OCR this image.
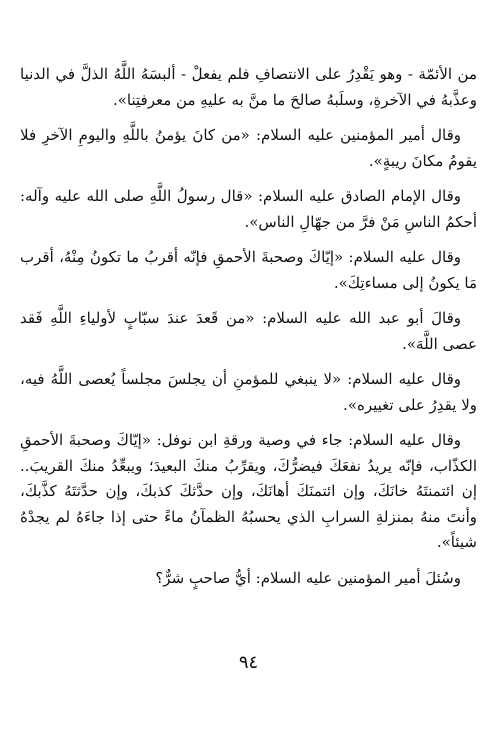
من الأئمّة - وهو يَقْدِرُ على الانتصافِ فلم يفعلْ - ألبسَهُ اللَّهُ الذلَّ في الدنيا وعذَّبهُ في الآخرةِ، وسلَبهُ صالحَ ما منَّ به عليهِ من معرفتِنا».

وقال أمير المؤمنين عليه السلام: «من كانَ يؤمنُ باللَّهِ واليومِ الآخرِ فلا يقومُ مكانَ ريبةٍ».

وقال الإمام الصادق عليه السلام: «قال رسولُ اللَّهِ صلى الله عليه وآله: أحكمُ الناسِ مَنْ فرَّ من جهّالِ الناس».

وقال عليه السلام: «إيّاكَ وصحبةَ الأحمقِ فإنّه أقربُ ما تكونُ مِنْهُ، أقرب مَا يكونُ إلى مساءتِكَ».

وقالَ أبو عبد الله عليه السلام: «من قَعدَ عندَ سبّابٍ لأولياءِ اللَّهِ فَقد عصى اللَّهَ».

وقال عليه السلام: «لا ينبغي للمؤمنِ أن يجلسَ مجلساً يُعصى اللَّهُ فيه، ولا يقدِرُ على تغييره».

وقال عليه السلام: جاء في وصية ورقةِ ابن نوفل: «إيّاكَ وصحبةَ الأحمقِ الكذّاب، فإنّه يريدُ نفعَكَ فيضرُّكَ، ويقرِّبُ منكَ البعيدَ؛ ويبعِّدُ منكَ القريبَ.. إن ائتمنتَهُ خانَكَ، وإن ائتمنَكَ أهانَكَ، وإن حدَّثكَ كذبكَ، وإن حدَّثتَهُ كذَّبكَ، وأنتَ منهُ بمنزلةِ السرابِ الذي يحسبُهُ الظمآنُ ماءً حتى إذا جاءَهُ لم يجدْهُ شيئاً».

وسُئلَ أمير المؤمنين عليه السلام: أيُّ صاحبٍ شرٌّ؟

٩٤
